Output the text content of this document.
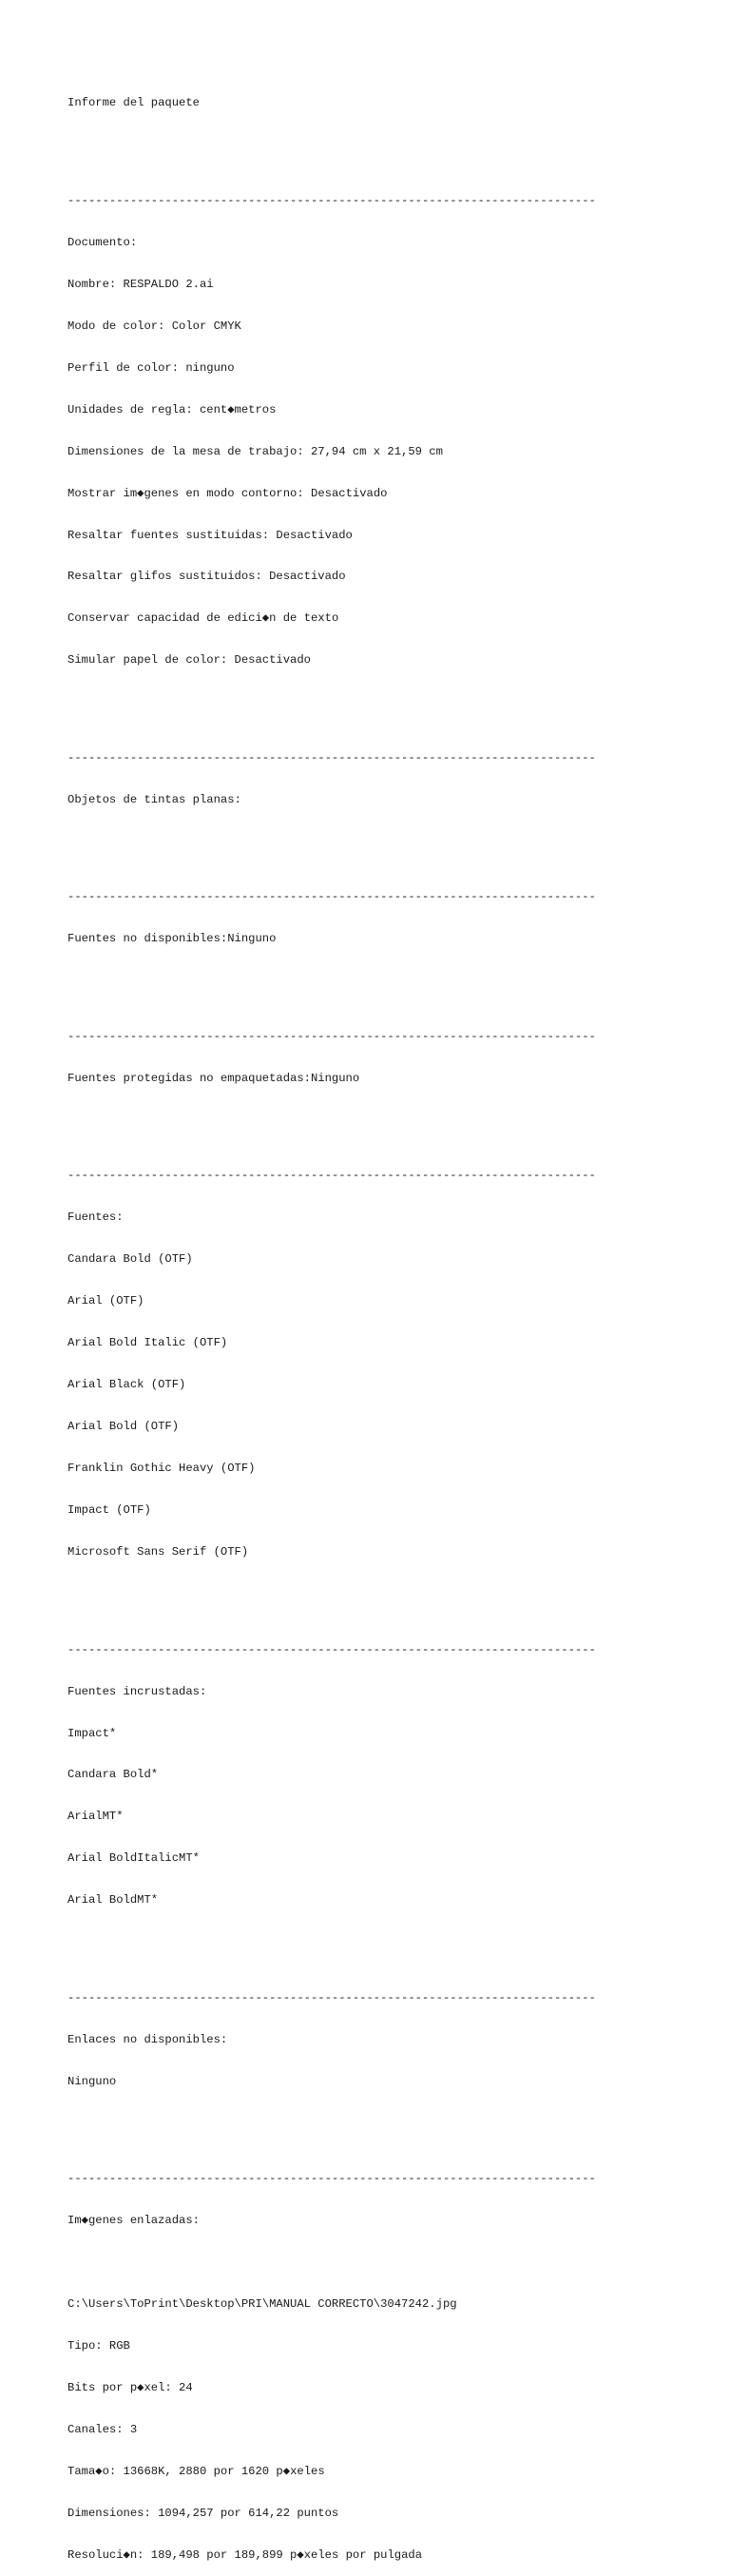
Informe del paquete

----------------------------------------------------------------------------

Documento:

Nombre: RESPALDO 2.ai

Modo de color: Color CMYK

Perfil de color: ninguno

Unidades de regla: cent◆metros

Dimensiones de la mesa de trabajo: 27,94 cm x 21,59 cm

Mostrar im◆genes en modo contorno: Desactivado

Resaltar fuentes sustituidas: Desactivado

Resaltar glifos sustituidos: Desactivado

Conservar capacidad de edici◆n de texto

Simular papel de color: Desactivado

----------------------------------------------------------------------------

Objetos de tintas planas:

----------------------------------------------------------------------------

Fuentes no disponibles:Ninguno

----------------------------------------------------------------------------

Fuentes protegidas no empaquetadas:Ninguno

----------------------------------------------------------------------------

Fuentes:

Candara Bold (OTF)

Arial (OTF)

Arial Bold Italic (OTF)

Arial Black (OTF)

Arial Bold (OTF)

Franklin Gothic Heavy (OTF)

Impact (OTF)

Microsoft Sans Serif (OTF)

----------------------------------------------------------------------------

Fuentes incrustadas:

Impact*

Candara Bold*

ArialMT*

Arial BoldItalicMT*

Arial BoldMT*

----------------------------------------------------------------------------

Enlaces no disponibles:

Ninguno

----------------------------------------------------------------------------

Im◆genes enlazadas:

C:\Users\ToPrint\Desktop\PRI\MANUAL CORRECTO\3047242.jpg

Tipo: RGB

Bits por p◆xel: 24

Canales: 3

Tama◆o: 13668K, 2880 por 1620 p◆xeles

Dimensiones: 1094,257 por 614,22 puntos

Resoluci◆n: 189,498 por 189,899 p◆xeles por pulgada
